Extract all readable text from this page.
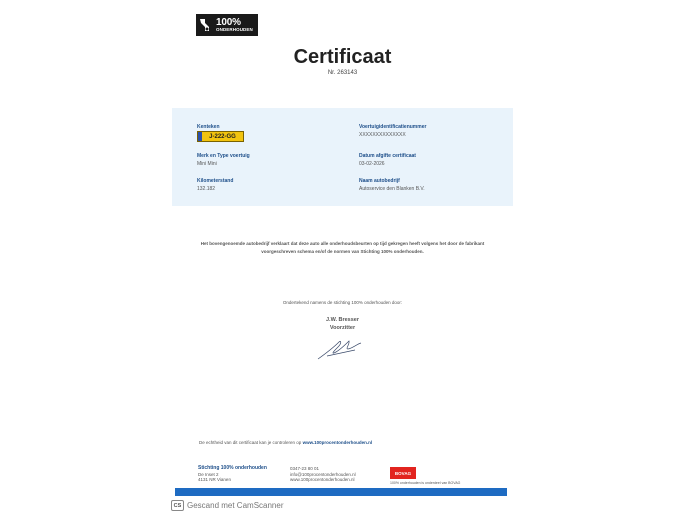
100%
ONDERHOUDEN
Certificaat
Nr. 263143
Kenteken
J-222-GG
Voertuigidentificatienummer
XXXXXXXXXXXXXX
Merk en Type voertuig
Mini Mini
Datum afgifte certificaat
03-02-2026
Kilometerstand
132.182
Naam autobedrijf
Autoservice den Blanken B.V.
Het bovengenoemde autobedrijf verklaart dat deze auto alle onderhoudsbeurten op tijd gekregen heeft volgens het door de fabrikant
voorgeschreven schema en/of de normen van Stichting 100% onderhouden.
Ondertekend namens de stichting 100% onderhouden door:
J.W. Bresser
Voorzitter
De echtheid van dit certificaat kan je controleren op www.100procentonderhouden.nl
Stichting 100% onderhouden
De Inset 2
4131 NR Vianen
0347-23 80 01
info@100procentonderhouden.nl
www.100procentonderhouden.nl
BOVAG
100% onderhouden is onderdeel van BOVAG
CS Gescand met CamScanner
